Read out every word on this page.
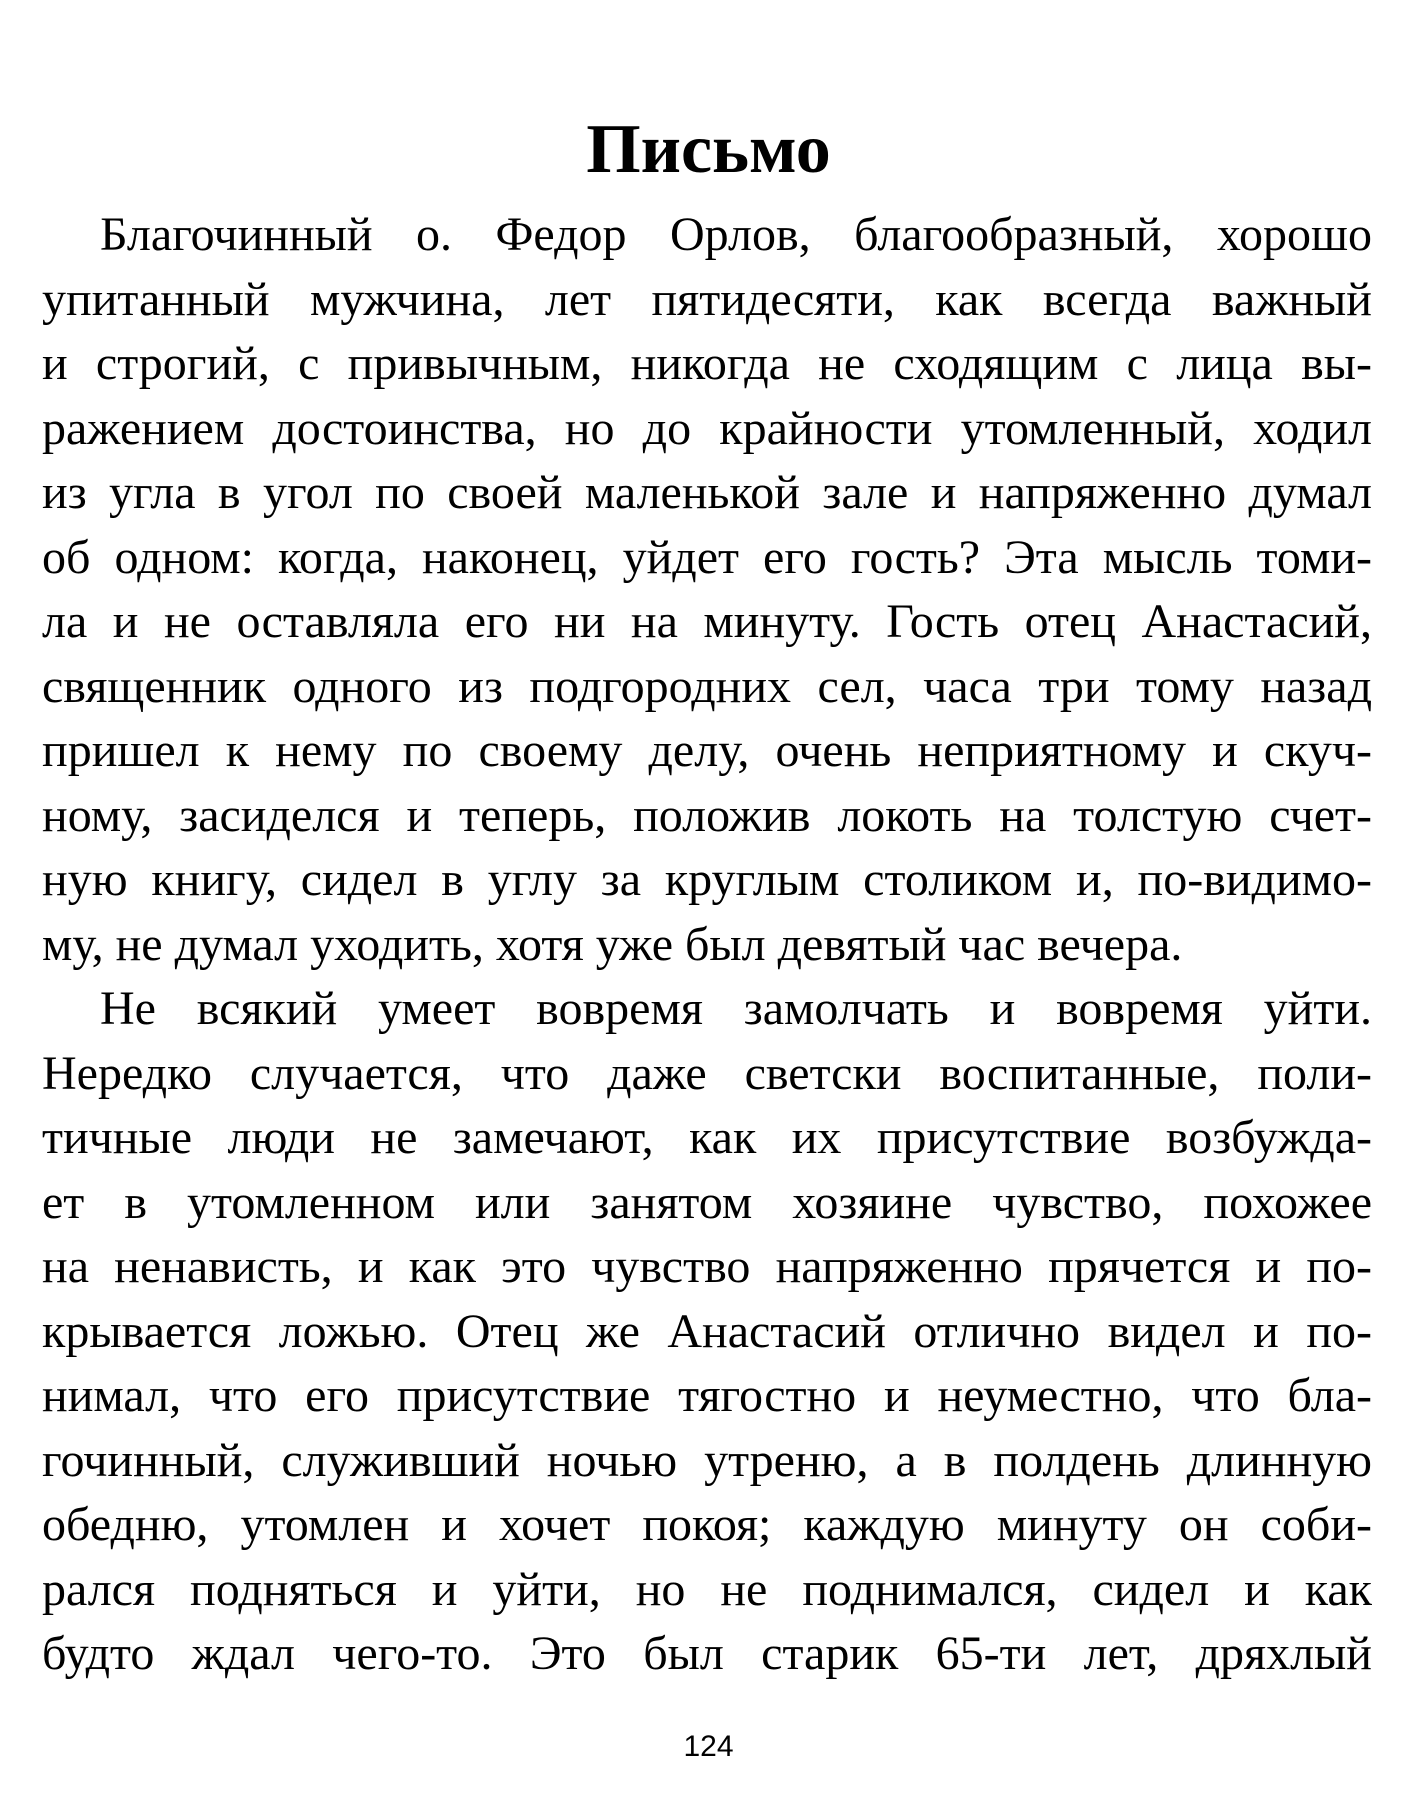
Письмо
Благочинный о. Федор Орлов, благообразный, хорошо
упитанный мужчина, лет пятидесяти, как всегда важный
и строгий, с привычным, никогда не сходящим с лица вы-
ражением достоинства, но до крайности утомленный, ходил
из угла в угол по своей маленькой зале и напряженно думал
об одном: когда, наконец, уйдет его гость? Эта мысль томи-
ла и не оставляла его ни на минуту. Гость отец Анастасий,
священник одного из подгородних сел, часа три тому назад
пришел к нему по своему делу, очень неприятному и скуч-
ному, засиделся и теперь, положив локоть на толстую счет-
ную книгу, сидел в углу за круглым столиком и, по-видимо-
му, не думал уходить, хотя уже был девятый час вечера.
Не всякий умеет вовремя замолчать и вовремя уйти.
Нередко случается, что даже светски воспитанные, поли-
тичные люди не замечают, как их присутствие возбужда-
ет в утомленном или занятом хозяине чувство, похожее
на ненависть, и как это чувство напряженно прячется и по-
крывается ложью. Отец же Анастасий отлично видел и по-
нимал, что его присутствие тягостно и неуместно, что бла-
гочинный, служивший ночью утреню, а в полдень длинную
обедню, утомлен и хочет покоя; каждую минуту он соби-
рался подняться и уйти, но не поднимался, сидел и как
будто ждал чего-то. Это был старик 65-ти лет, дряхлый
124
